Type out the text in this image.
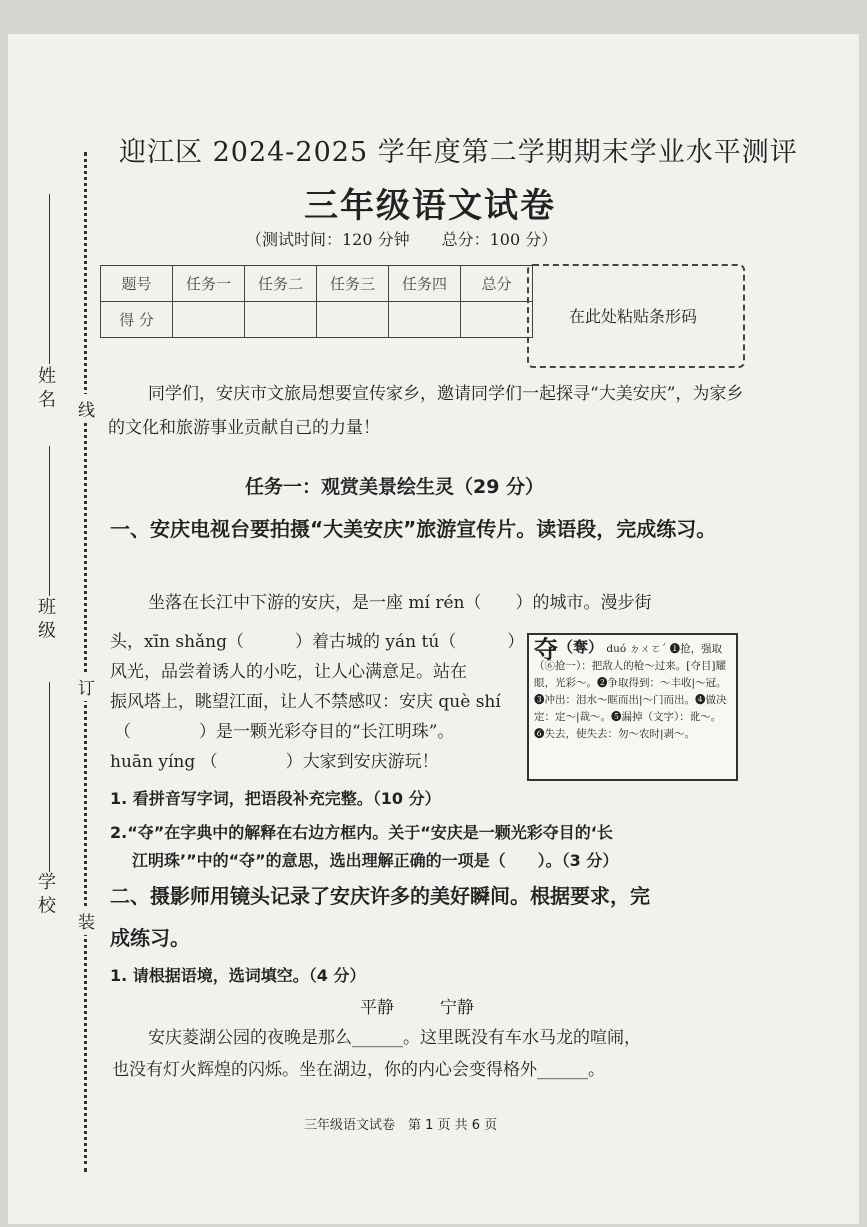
姓 名
班 级
学 校
线
订
装
迎江区 2024-2025 学年度第二学期期末学业水平测评
三年级语文试卷
（测试时间：120 分钟　　总分：100 分）
题号	任务一	任务二	任务三	任务四	总分
得 分						在此处粘贴条形码
同学们，安庆市文旅局想要宣传家乡，邀请同学们一起探寻“大美安庆”，为家乡的文化和旅游事业贡献自己的力量！
任务一：观赏美景绘生灵（29 分）
一、安庆电视台要拍摄“大美安庆”旅游宣传片。读语段，完成练习。
坐落在长江中下游的安庆，是一座 mí rén（　　）的城市。漫步街
头，xīn shǎng（　　　）着古城的 yán tú（　　　）
风光，品尝着诱人的小吃，让人心满意足。站在
振风塔上，眺望江面，让人不禁感叹：安庆 què shí
（　　　　）是一颗光彩夺目的“长江明珠”。
huān yíng （　　　　）大家到安庆游玩！
夺（奪） duó ㄉㄨㄛˊ ❶抢，强取（⑥抢一）：把敌人的枪～过来。[夺目]耀眼，光彩～。❷争取得到：～丰收|～冠。❸冲出：泪水～眶而出|～门而出。❹做决定：定～|裁～。❺漏掉（文字）：讹～。❻失去，使失去：勿～农时|剥～。
1. 看拼音写字词，把语段补充完整。（10 分）
2.“夺”在字典中的解释在右边方框内。关于“安庆是一颗光彩夺目的‘长
江明珠’”中的“夺”的意思，选出理解正确的一项是（　　）。（3 分）
二、摄影师用镜头记录了安庆许多的美好瞬间。根据要求，完
成练习。
1. 请根据语境，选词填空。（4 分）
平静	宁静
安庆菱湖公园的夜晚是那么______。这里既没有车水马龙的喧闹，
也没有灯火辉煌的闪烁。坐在湖边，你的内心会变得格外______。
三年级语文试卷　第 1 页 共 6 页
